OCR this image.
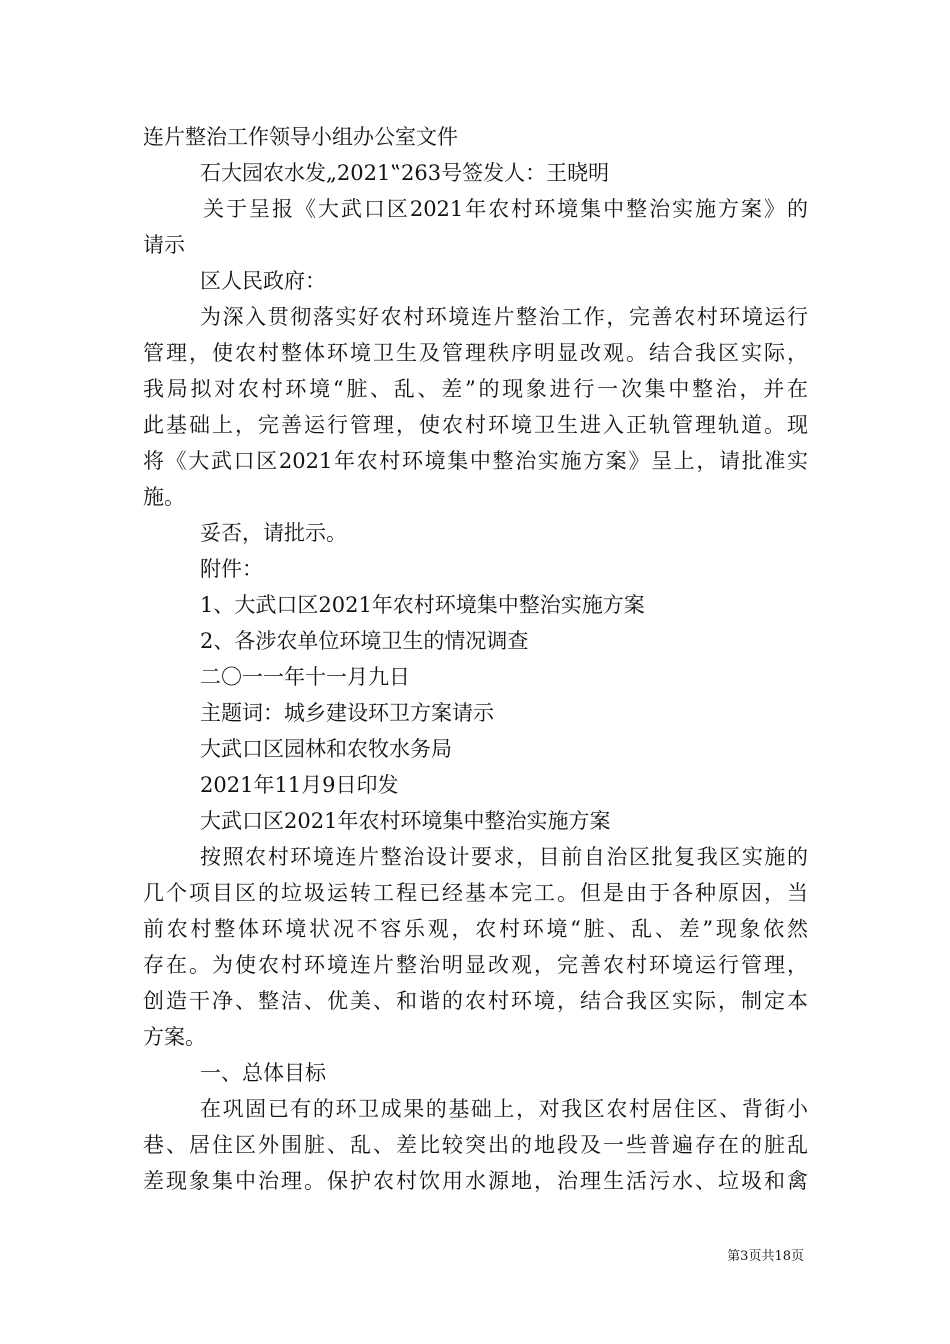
连片整治工作领导小组办公室文件
石大园农水发„2021‟263号签发人：王晓明
关于呈报《大武口区2021年农村环境集中整治实施方案》的
请示
区人民政府：
为深入贯彻落实好农村环境连片整治工作，完善农村环境运行
管理，使农村整体环境卫生及管理秩序明显改观。结合我区实际，
我局拟对农村环境“脏、乱、差”的现象进行一次集中整治，并在
此基础上，完善运行管理，使农村环境卫生进入正轨管理轨道。现
将《大武口区2021年农村环境集中整治实施方案》呈上，请批准实
施。
妥否，请批示。
附件：
1、大武口区2021年农村环境集中整治实施方案
2、各涉农单位环境卫生的情况调查
二〇一一年十一月九日
主题词：城乡建设环卫方案请示
大武口区园林和农牧水务局
2021年11月9日印发
大武口区2021年农村环境集中整治实施方案
按照农村环境连片整治设计要求，目前自治区批复我区实施的
几个项目区的垃圾运转工程已经基本完工。但是由于各种原因，当
前农村整体环境状况不容乐观，农村环境“脏、乱、差”现象依然
存在。为使农村环境连片整治明显改观，完善农村环境运行管理，
创造干净、整洁、优美、和谐的农村环境，结合我区实际，制定本
方案。
一、总体目标
在巩固已有的环卫成果的基础上，对我区农村居住区、背街小
巷、居住区外围脏、乱、差比较突出的地段及一些普遍存在的脏乱
差现象集中治理。保护农村饮用水源地，治理生活污水、垃圾和禽
第3页共18页
